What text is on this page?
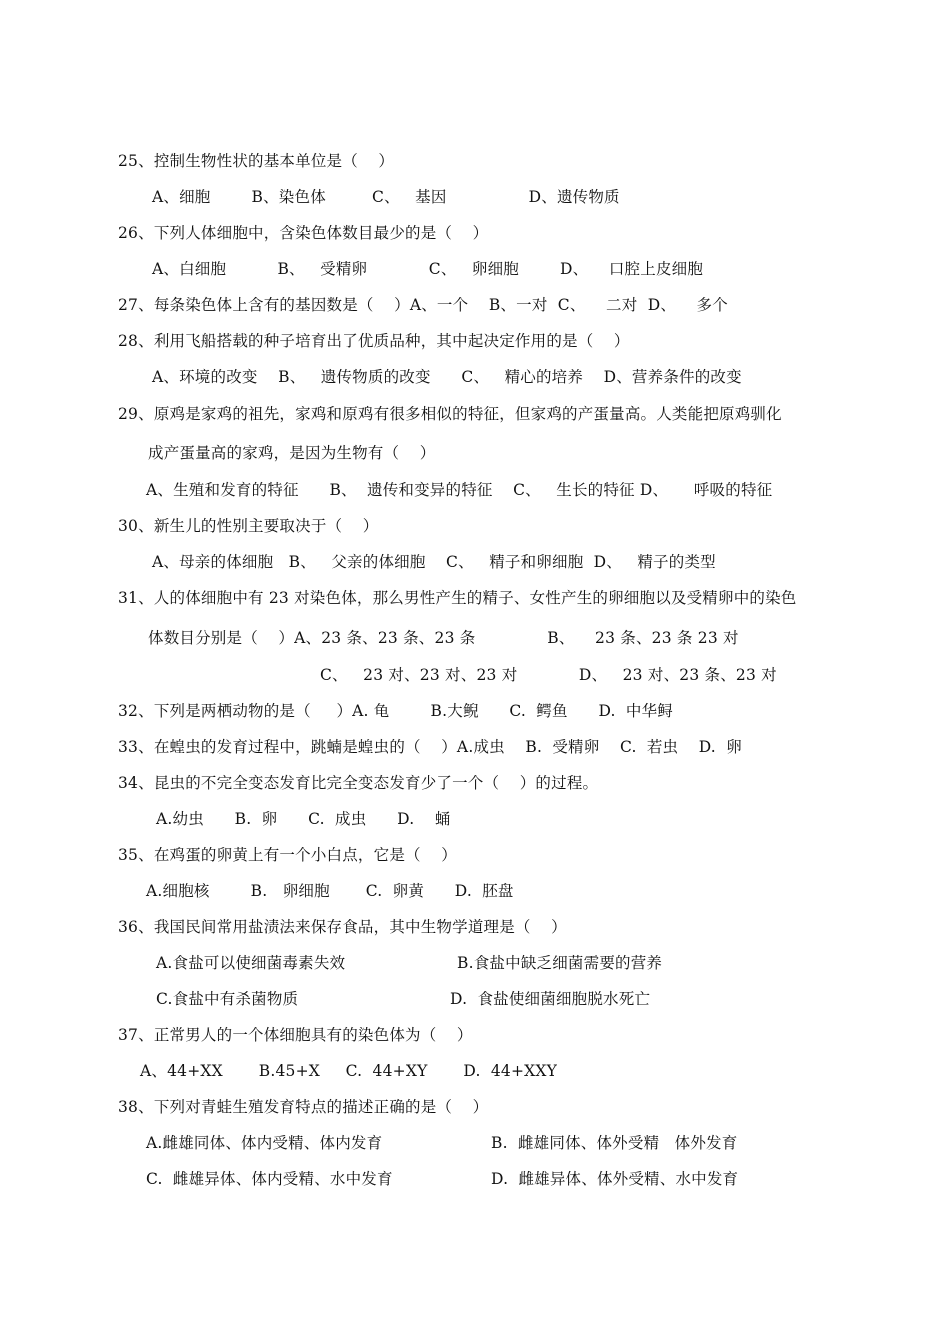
25、控制生物性状的基本单位是（    ）
A、细胞        B、染色体         C、   基因                D、遗传物质
26、下列人体细胞中，含染色体数目最少的是（    ）
A、白细胞          B、   受精卵            C、   卵细胞        D、    口腔上皮细胞
27、每条染色体上含有的基因数是（    ）A、一个    B、一对  C、    二对  D、    多个
28、利用飞船搭载的种子培育出了优质品种，其中起决定作用的是（    ）
A、环境的改变    B、   遗传物质的改变      C、   精心的培养    D、营养条件的改变
29、原鸡是家鸡的祖先，家鸡和原鸡有很多相似的特征，但家鸡的产蛋量高。人类能把原鸡驯化
成产蛋量高的家鸡，是因为生物有（    ）
A、生殖和发育的特征      B、  遗传和变异的特征    C、   生长的特征 D、     呼吸的特征
30、新生儿的性别主要取决于（    ）
A、母亲的体细胞   B、   父亲的体细胞    C、   精子和卵细胞  D、   精子的类型
31、人的体细胞中有 23 对染色体，那么男性产生的精子、女性产生的卵细胞以及受精卵中的染色
体数目分别是（    ）A、23 条、23 条、23 条              B、    23 条、23 条 23 对
C、   23 对、23 对、23 对            D、   23 对、23 条、23 对
32、下列是两栖动物的是（     ）A. 龟        B.大鲵      C.  鳄鱼      D.  中华鲟
33、在蝗虫的发育过程中，跳蝻是蝗虫的（    ）A.成虫    B.  受精卵    C.  若虫    D.  卵
34、昆虫的不完全变态发育比完全变态发育少了一个（    ）的过程。
A.幼虫      B.  卵      C.  成虫      D.    蛹
35、在鸡蛋的卵黄上有一个小白点，它是（    ）
A.细胞核        B.   卵细胞       C.  卵黄      D.  胚盘
36、我国民间常用盐渍法来保存食品，其中生物学道理是（    ）
A.食盐可以使细菌毒素失效	B.食盐中缺乏细菌需要的营养
C.食盐中有杀菌物质	D.  食盐使细菌细胞脱水死亡
37、正常男人的一个体细胞具有的染色体为（    ）
A、44+XX       B.45+X     C.  44+XY       D.  44+XXY
38、下列对青蛙生殖发育特点的描述正确的是（    ）
A.雌雄同体、体内受精、体内发育	B.  雌雄同体、体外受精   体外发育
C.  雌雄异体、体内受精、水中发育	D.  雌雄异体、体外受精、水中发育
